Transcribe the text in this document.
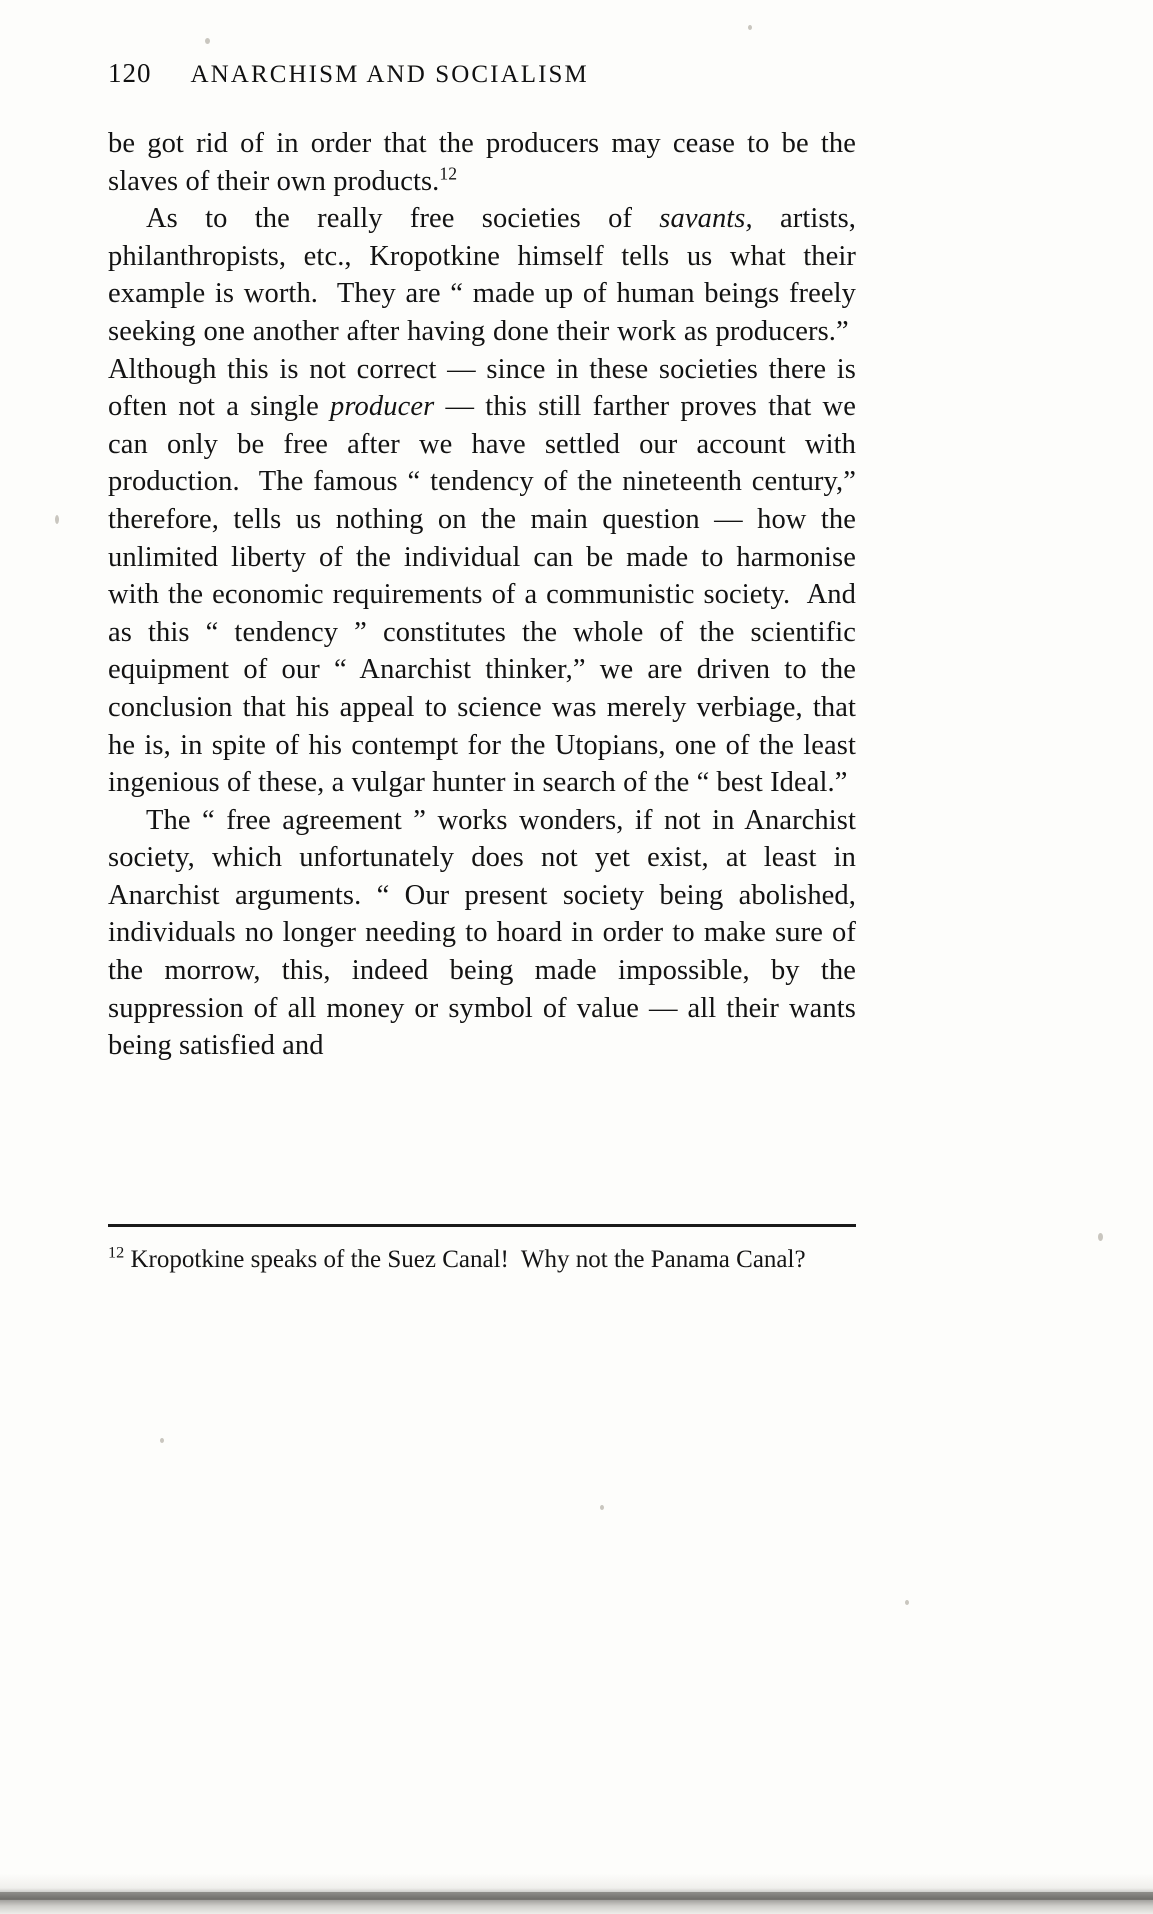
120 ANARCHISM AND SOCIALISM

be got rid of in order that the producers may cease to be the slaves of their own products.$^{12}$

As to the really free societies of savants, artists, philanthropists, etc., Kropotkine himself tells us what their example is worth.  They are “ made up of human beings freely seeking one another after having done their work as producers.”  Although this is not correct — since in these societies there is often not a single producer — this still farther proves that we can only be free after we have settled our account with production.  The famous “ tendency of the nineteenth century,” therefore, tells us nothing on the main question — how the unlimited liberty of the individual can be made to harmonise with the economic requirements of a communistic society.  And as this “ tendency ” constitutes the whole of the scientific equipment of our “ Anarchist thinker,” we are driven to the conclusion that his appeal to science was merely verbiage, that he is, in spite of his contempt for the Utopians, one of the least ingenious of these, a vulgar hunter in search of the “ best Ideal.”

The “ free agreement ” works wonders, if not in Anarchist society, which unfortunately does not yet exist, at least in Anarchist arguments. “ Our present society being abolished, individuals no longer needing to hoard in order to make sure of the morrow, this, indeed being made impossible, by the suppression of all money or symbol of value — all their wants being satisfied and

$^{12}$ Kropotkine speaks of the Suez Canal!  Why not the Panama Canal?
